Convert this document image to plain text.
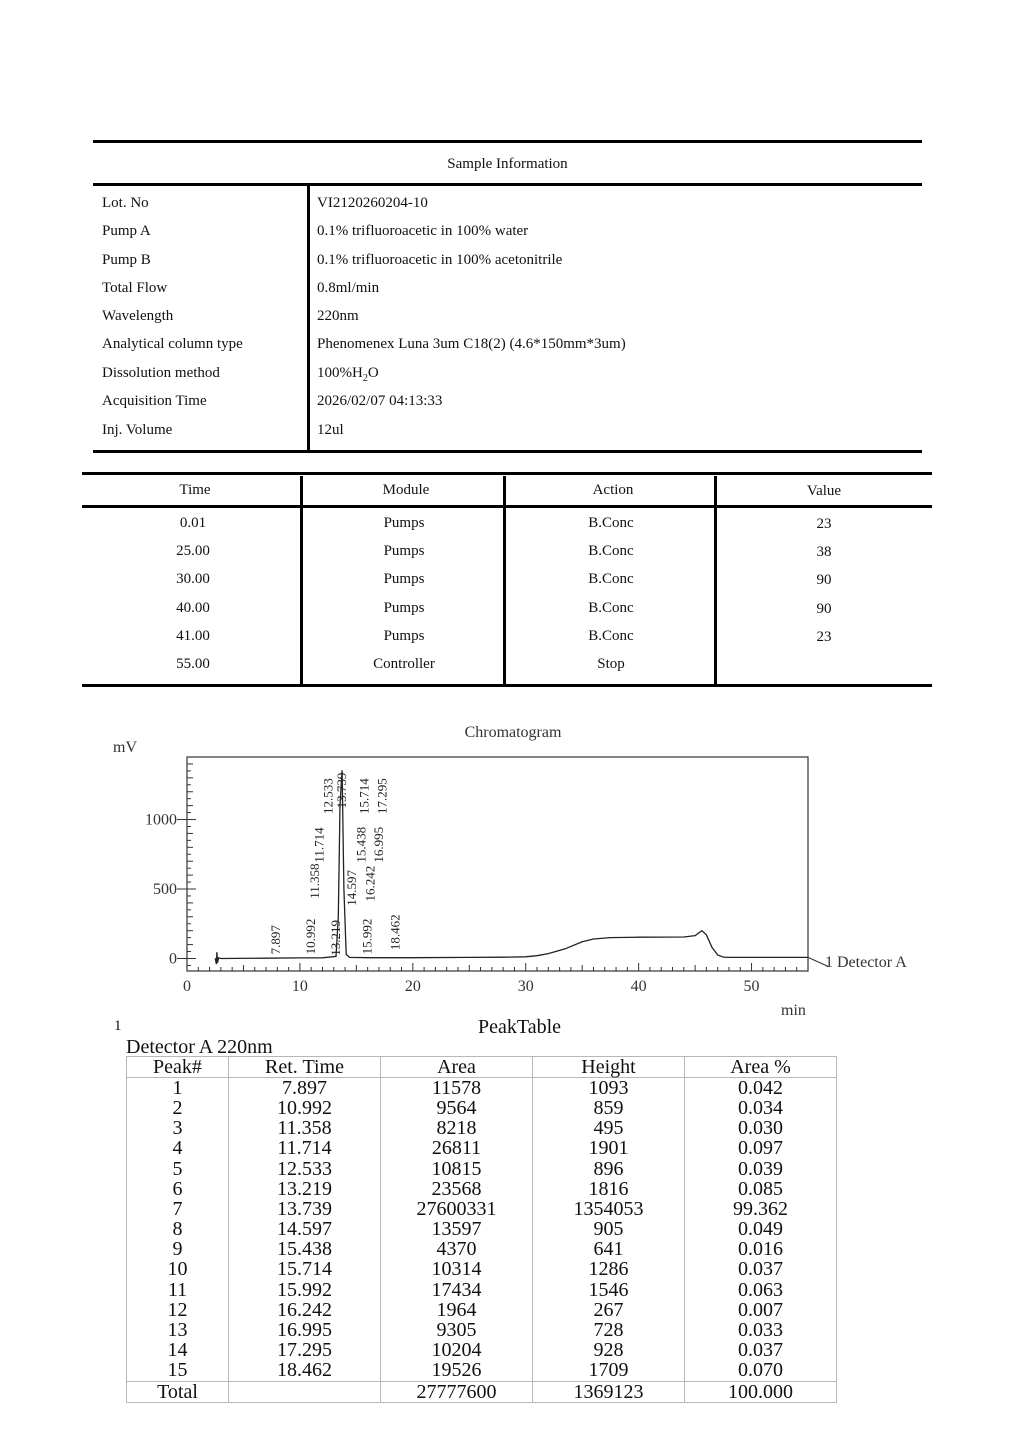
Sample Information
Lot. No	VI2120260204-10
Pump A	0.1% trifluoroacetic in 100% water
Pump B	0.1% trifluoroacetic in 100% acetonitrile
Total Flow	0.8ml/min
Wavelength	220nm
Analytical column type	Phenomenex Luna 3um C18(2) (4.6*150mm*3um)
Dissolution method	$100\%H_2O$
Acquisition Time	2026/02/07 04:13:33
Inj. Volume	12ul
Time	Module	Action	Value
0.01	Pumps	B.Conc	23
25.00	Pumps	B.Conc	38
30.00	Pumps	B.Conc	90
40.00	Pumps	B.Conc	90
41.00	Pumps	B.Conc	23
55.00	Controller	Stop
Chromatogram
mV
min
0	10	20	30	40	50
0
500
1000
7.897 10.992
11.358
11.714
12.533
13.219
13.739
14.597
15.438
15.714
15.992
16.242
16.995
17.295
18.462
1 Detector A
1	PeakTable
Detector A 220nm
Peak#	Ret. Time	Area	Height	Area %
1	7.897	11578	1093	0.042
2	10.992	9564	859	0.034
3	11.358	8218	495	0.030
4	11.714	26811	1901	0.097
5	12.533	10815	896	0.039
6	13.219	23568	1816	0.085
7	13.739	27600331	1354053	99.362
8	14.597	13597	905	0.049
9	15.438	4370	641	0.016
10	15.714	10314	1286	0.037
11	15.992	17434	1546	0.063
12	16.242	1964	267	0.007
13	16.995	9305	728	0.033
14	17.295	10204	928	0.037
15	18.462	19526	1709	0.070
Total		27777600	1369123	100.000
